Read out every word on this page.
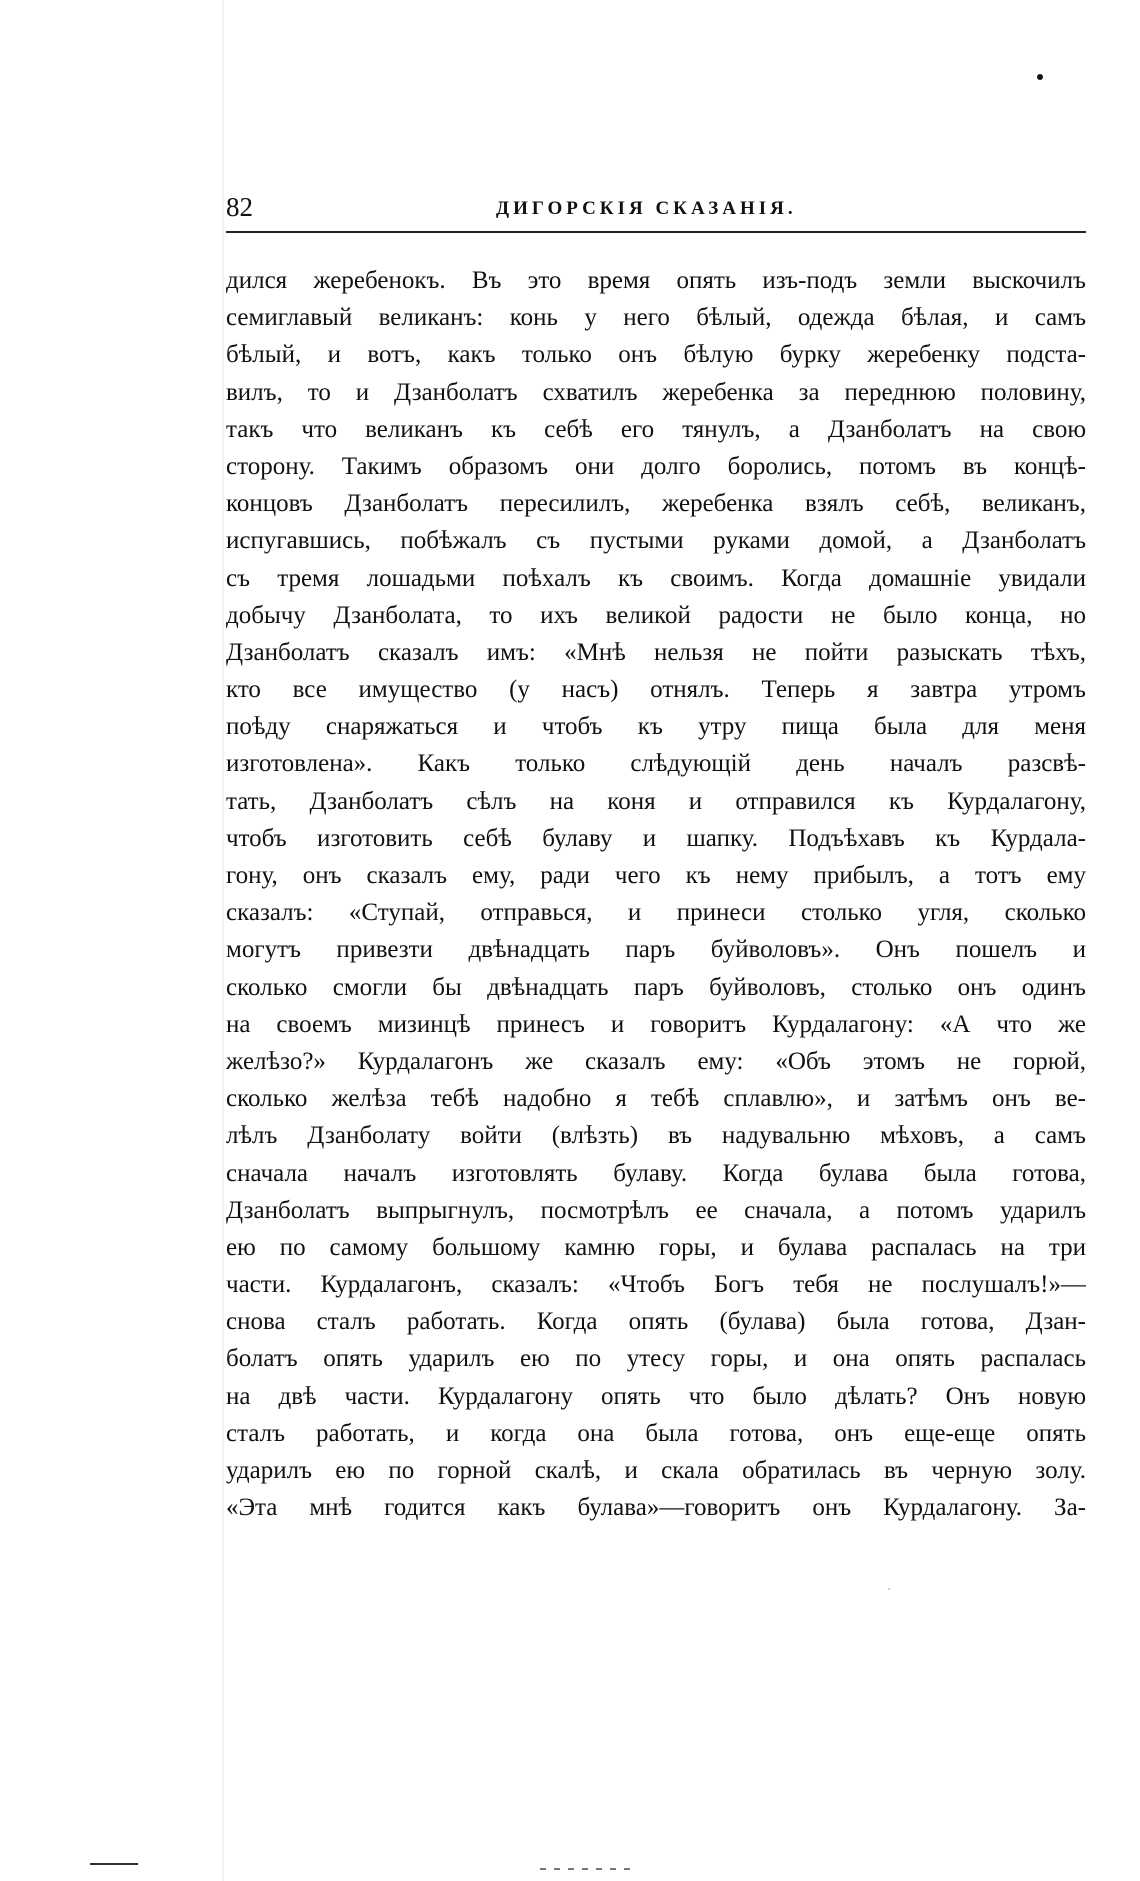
82	ДИГОРСКІЯ СКАЗАНІЯ.
дился жеребенокъ. Въ это время опять изъ-подъ земли выскочилъ
семиглавый великанъ: конь у него бѣлый, одежда бѣлая, и самъ
бѣлый, и вотъ, какъ только онъ бѣлую бурку жеребенку подста-
вилъ, то и Дзанболатъ схватилъ жеребенка за переднюю половину,
такъ что великанъ къ себѣ его тянулъ, а Дзанболатъ на свою
сторону. Такимъ образомъ они долго боролись, потомъ въ концѣ-
концовъ Дзанболатъ пересилилъ, жеребенка взялъ себѣ, великанъ,
испугавшись, побѣжалъ съ пустыми руками домой, а Дзанболатъ
съ тремя лошадьми поѣхалъ къ своимъ. Когда домашніе увидали
добычу Дзанболата, то ихъ великой радости не было конца, но
Дзанболатъ сказалъ имъ: «Мнѣ нельзя не пойти разыскать тѣхъ,
кто все имущество (у насъ) отнялъ. Теперь я завтра утромъ
поѣду снаряжаться и чтобъ къ утру пища была для меня
изготовлена». Какъ только слѣдующій день началъ разсвѣ-
тать, Дзанболатъ сѣлъ на коня и отправился къ Курдалагону,
чтобъ изготовить себѣ булаву и шапку. Подъѣхавъ къ Курдала-
гону, онъ сказалъ ему, ради чего къ нему прибылъ, а тотъ ему
сказалъ: «Ступай, отправься, и принеси столько угля, сколько
могутъ привезти двѣнадцать паръ буйволовъ». Онъ пошелъ и
сколько смогли бы двѣнадцать паръ буйволовъ, столько онъ одинъ
на своемъ мизинцѣ принесъ и говоритъ Курдалагону: «А что же
желѣзо?» Курдалагонъ же сказалъ ему: «Объ этомъ не горюй,
сколько желѣза тебѣ надобно я тебѣ сплавлю», и затѣмъ онъ ве-
лѣлъ Дзанболату войти (влѣзть) въ надувальню мѣховъ, а самъ
сначала началъ изготовлять булаву. Когда булава была готова,
Дзанболатъ выпрыгнулъ, посмотрѣлъ ее сначала, а потомъ ударилъ
ею по самому большому камню горы, и булава распалась на три
части. Курдалагонъ, сказалъ: «Чтобъ Богъ тебя не послушалъ!»—
снова сталъ работать. Когда опять (булава) была готова, Дзан-
болатъ опять ударилъ ею по утесу горы, и она опять распалась
на двѣ части. Курдалагону опять что было дѣлать? Онъ новую
сталъ работать, и когда она была готова, онъ еще-еще опять
ударилъ ею по горной скалѣ, и скала обратилась въ черную золу.
«Эта мнѣ годится какъ булава»—говоритъ онъ Курдалагону. За-
